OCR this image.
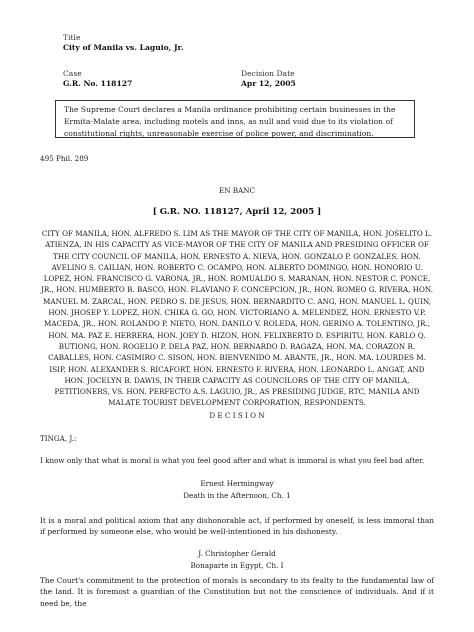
Title
City of Manila vs. Laguio, Jr.
Case
G.R. No. 118127
Decision Date
Apr 12, 2005
The Supreme Court declares a Manila ordinance prohibiting certain businesses in the Ermita-Malate area, including motels and inns, as null and void due to its violation of constitutional rights, unreasonable exercise of police power, and discrimination.
495 Phil. 289
EN BANC
[ G.R. NO. 118127, April 12, 2005 ]
CITY OF MANILA, HON. ALFREDO S. LIM AS THE MAYOR OF THE CITY OF MANILA, HON. JOSELITO L. ATIENZA, IN HIS CAPACITY AS VICE-MAYOR OF THE CITY OF MANILA AND PRESIDING OFFICER OF THE CITY COUNCIL OF MANILA, HON. ERNESTO A. NIEVA, HON. GONZALO P. GONZALES, HON. AVELINO S. CAILIAN, HON. ROBERTO C. OCAMPO, HON. ALBERTO DOMINGO, HON. HONORIO U. LOPEZ, HON. FRANCISCO G. VARONA, JR., HON. ROMUALDO S. MARANAN, HON. NESTOR C. PONCE, JR., HON. HUMBERTO B. BASCO, HON. FLAVIANO F. CONCEPCION, JR., HON. ROMEO G. RIVERA, HON. MANUEL M. ZARCAL, HON. PEDRO S. DE JESUS, HON. BERNARDITO C. ANG, HON. MANUEL L. QUIN, HON. JHOSEP Y. LOPEZ, HON. CHIKA G. GO, HON. VICTORIANO A. MELENDEZ, HON. ERNESTO V.P. MACEDA, JR., HON. ROLANDO P. NIETO, HON. DANILO V. ROLEDA, HON. GERINO A. TOLENTINO, JR., HON. MA. PAZ E. HERRERA, HON. JOEY D. HIZON, HON. FELIXBERTO D. ESPIRITU, HON. KARLO Q. BUTIONG, HON. ROGELIO P. DELA PAZ, HON. BERNARDO D. RAGAZA, HON. MA. CORAZON R. CABALLES, HON. CASIMIRO C. SISON, HON. BIENVENIDO M. ABANTE, JR., HON. MA. LOURDES M. ISIP, HON. ALEXANDER S. RICAFORT, HON. ERNESTO F. RIVERA, HON. LEONARDO L. ANGAT, AND HON. JOCELYN B. DAWIS, IN THEIR CAPACITY AS COUNCILORS OF THE CITY OF MANILA, PETITIONERS, VS. HON. PERFECTO A.S. LAGUIO, JR., AS PRESIDING JUDGE, RTC, MANILA AND MALATE TOURIST DEVELOPMENT CORPORATION, RESPONDENTS.
D E C I S I O N
TINGA, J.:
I know only that what is moral is what you feel good after and what is immoral is what you feel bad after.
Ernest Hermingway
Death in the Afternoon, Ch. 1
It is a moral and political axiom that any dishonorable act, if performed by oneself, is less immoral than if performed by someone else, who would be well-intentioned in his dishonesty.
J. Christopher Gerald
Bonaparte in Egypt, Ch. I
The Court's commitment to the protection of morals is secondary to its fealty to the fundamental law of the land. It is foremost a guardian of the Constitution but not the conscience of individuals. And if it need be, the
